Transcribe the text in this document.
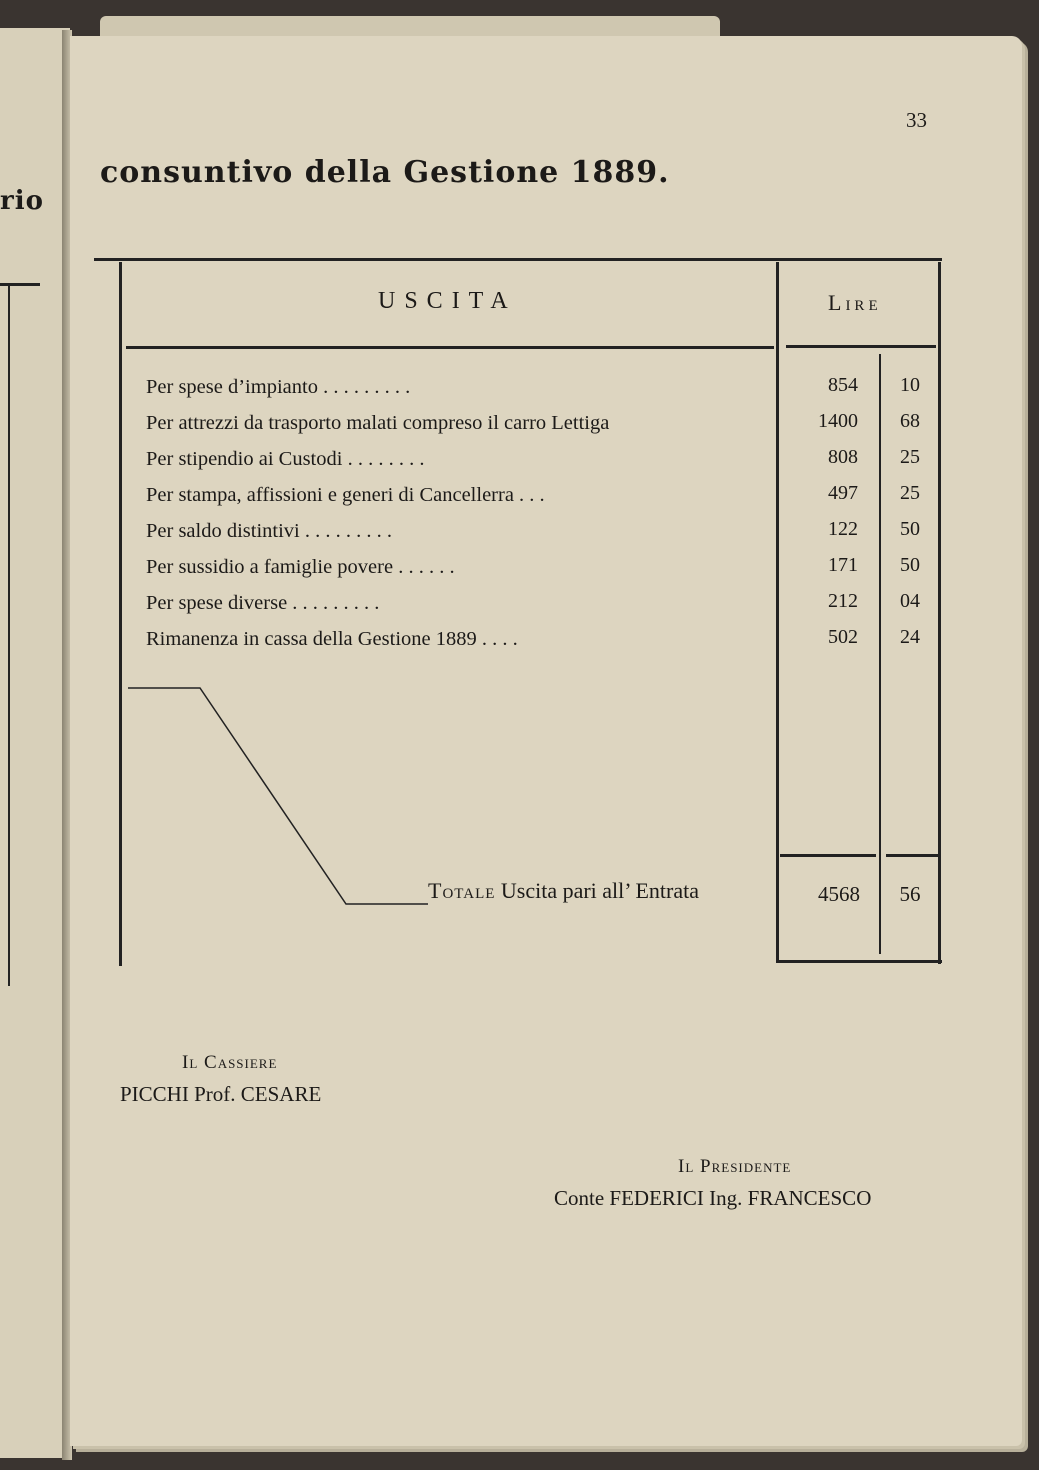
rio
33
consuntivo della Gestione 1889.
USCITA	Lire
Per spese d’impianto . . . . . . . . .	854	10
Per attrezzi da trasporto malati compreso il carro Lettiga	1400	68
Per stipendio ai Custodi . . . . . . . .	808	25
Per stampa, affissioni e generi di Cancellerra . . .	497	25
Per saldo distintivi . . . . . . . . .	122	50
Per sussidio a famiglie povere . . . . . .	171	50
Per spese diverse . . . . . . . . .	212	04
Rimanenza in cassa della Gestione 1889 . . . .	502	24
Totale Uscita pari all’ Entrata	4568	56
Il Cassiere
PICCHI Prof. CESARE
Il Presidente
Conte FEDERICI Ing. FRANCESCO
